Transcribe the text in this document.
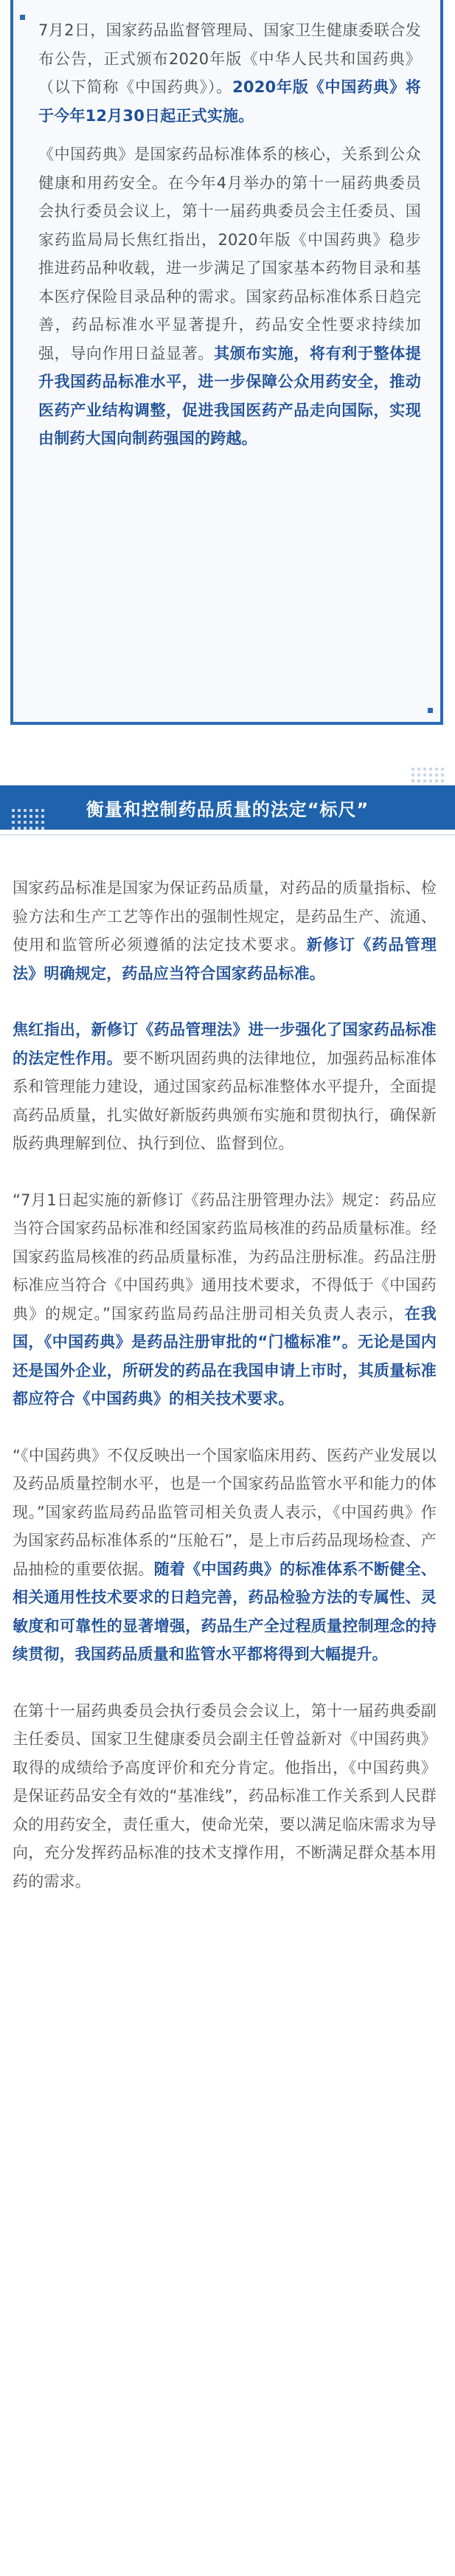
7月2日，国家药品监督管理局、国家卫生健康委联合发布公告，正式颁布2020年版《中华人民共和国药典》（以下简称《中国药典》）。2020年版《中国药典》将于今年12月30日起正式实施。

《中国药典》是国家药品标准体系的核心，关系到公众健康和用药安全。在今年4月举办的第十一届药典委员会执行委员会议上，第十一届药典委员会主任委员、国家药监局局长焦红指出，2020年版《中国药典》稳步推进药品种收载，进一步满足了国家基本药物目录和基本医疗保险目录品种的需求。国家药品标准体系日趋完善，药品标准水平显著提升，药品安全性要求持续加强，导向作用日益显著。其颁布实施，将有利于整体提升我国药品标准水平，进一步保障公众用药安全，推动医药产业结构调整，促进我国医药产品走向国际，实现由制药大国向制药强国的跨越。

衡量和控制药品质量的法定“标尺”

国家药品标准是国家为保证药品质量，对药品的质量指标、检验方法和生产工艺等作出的强制性规定，是药品生产、流通、使用和监管所必须遵循的法定技术要求。新修订《药品管理法》明确规定，药品应当符合国家药品标准。

焦红指出，新修订《药品管理法》进一步强化了国家药品标准的法定性作用。要不断巩固药典的法律地位，加强药品标准体系和管理能力建设，通过国家药品标准整体水平提升，全面提高药品质量，扎实做好新版药典颁布实施和贯彻执行，确保新版药典理解到位、执行到位、监督到位。

“7月1日起实施的新修订《药品注册管理办法》规定：药品应当符合国家药品标准和经国家药监局核准的药品质量标准。经国家药监局核准的药品质量标准，为药品注册标准。药品注册标准应当符合《中国药典》通用技术要求，不得低于《中国药典》的规定。”国家药监局药品注册司相关负责人表示，在我国，《中国药典》是药品注册审批的“门槛标准”。无论是国内还是国外企业，所研发的药品在我国申请上市时，其质量标准都应符合《中国药典》的相关技术要求。

“《中国药典》不仅反映出一个国家临床用药、医药产业发展以及药品质量控制水平，也是一个国家药品监管水平和能力的体现。”国家药监局药品监管司相关负责人表示，《中国药典》作为国家药品标准体系的“压舱石”，是上市后药品现场检查、产品抽检的重要依据。随着《中国药典》的标准体系不断健全、相关通用性技术要求的日趋完善，药品检验方法的专属性、灵敏度和可靠性的显著增强，药品生产全过程质量控制理念的持续贯彻，我国药品质量和监管水平都将得到大幅提升。

在第十一届药典委员会执行委员会会议上，第十一届药典委副主任委员、国家卫生健康委员会副主任曾益新对《中国药典》取得的成绩给予高度评价和充分肯定。他指出，《中国药典》是保证药品安全有效的“基准线”，药品标准工作关系到人民群众的用药安全，责任重大，使命光荣，要以满足临床需求为导向，充分发挥药品标准的技术支撑作用，不断满足群众基本用药的需求。
